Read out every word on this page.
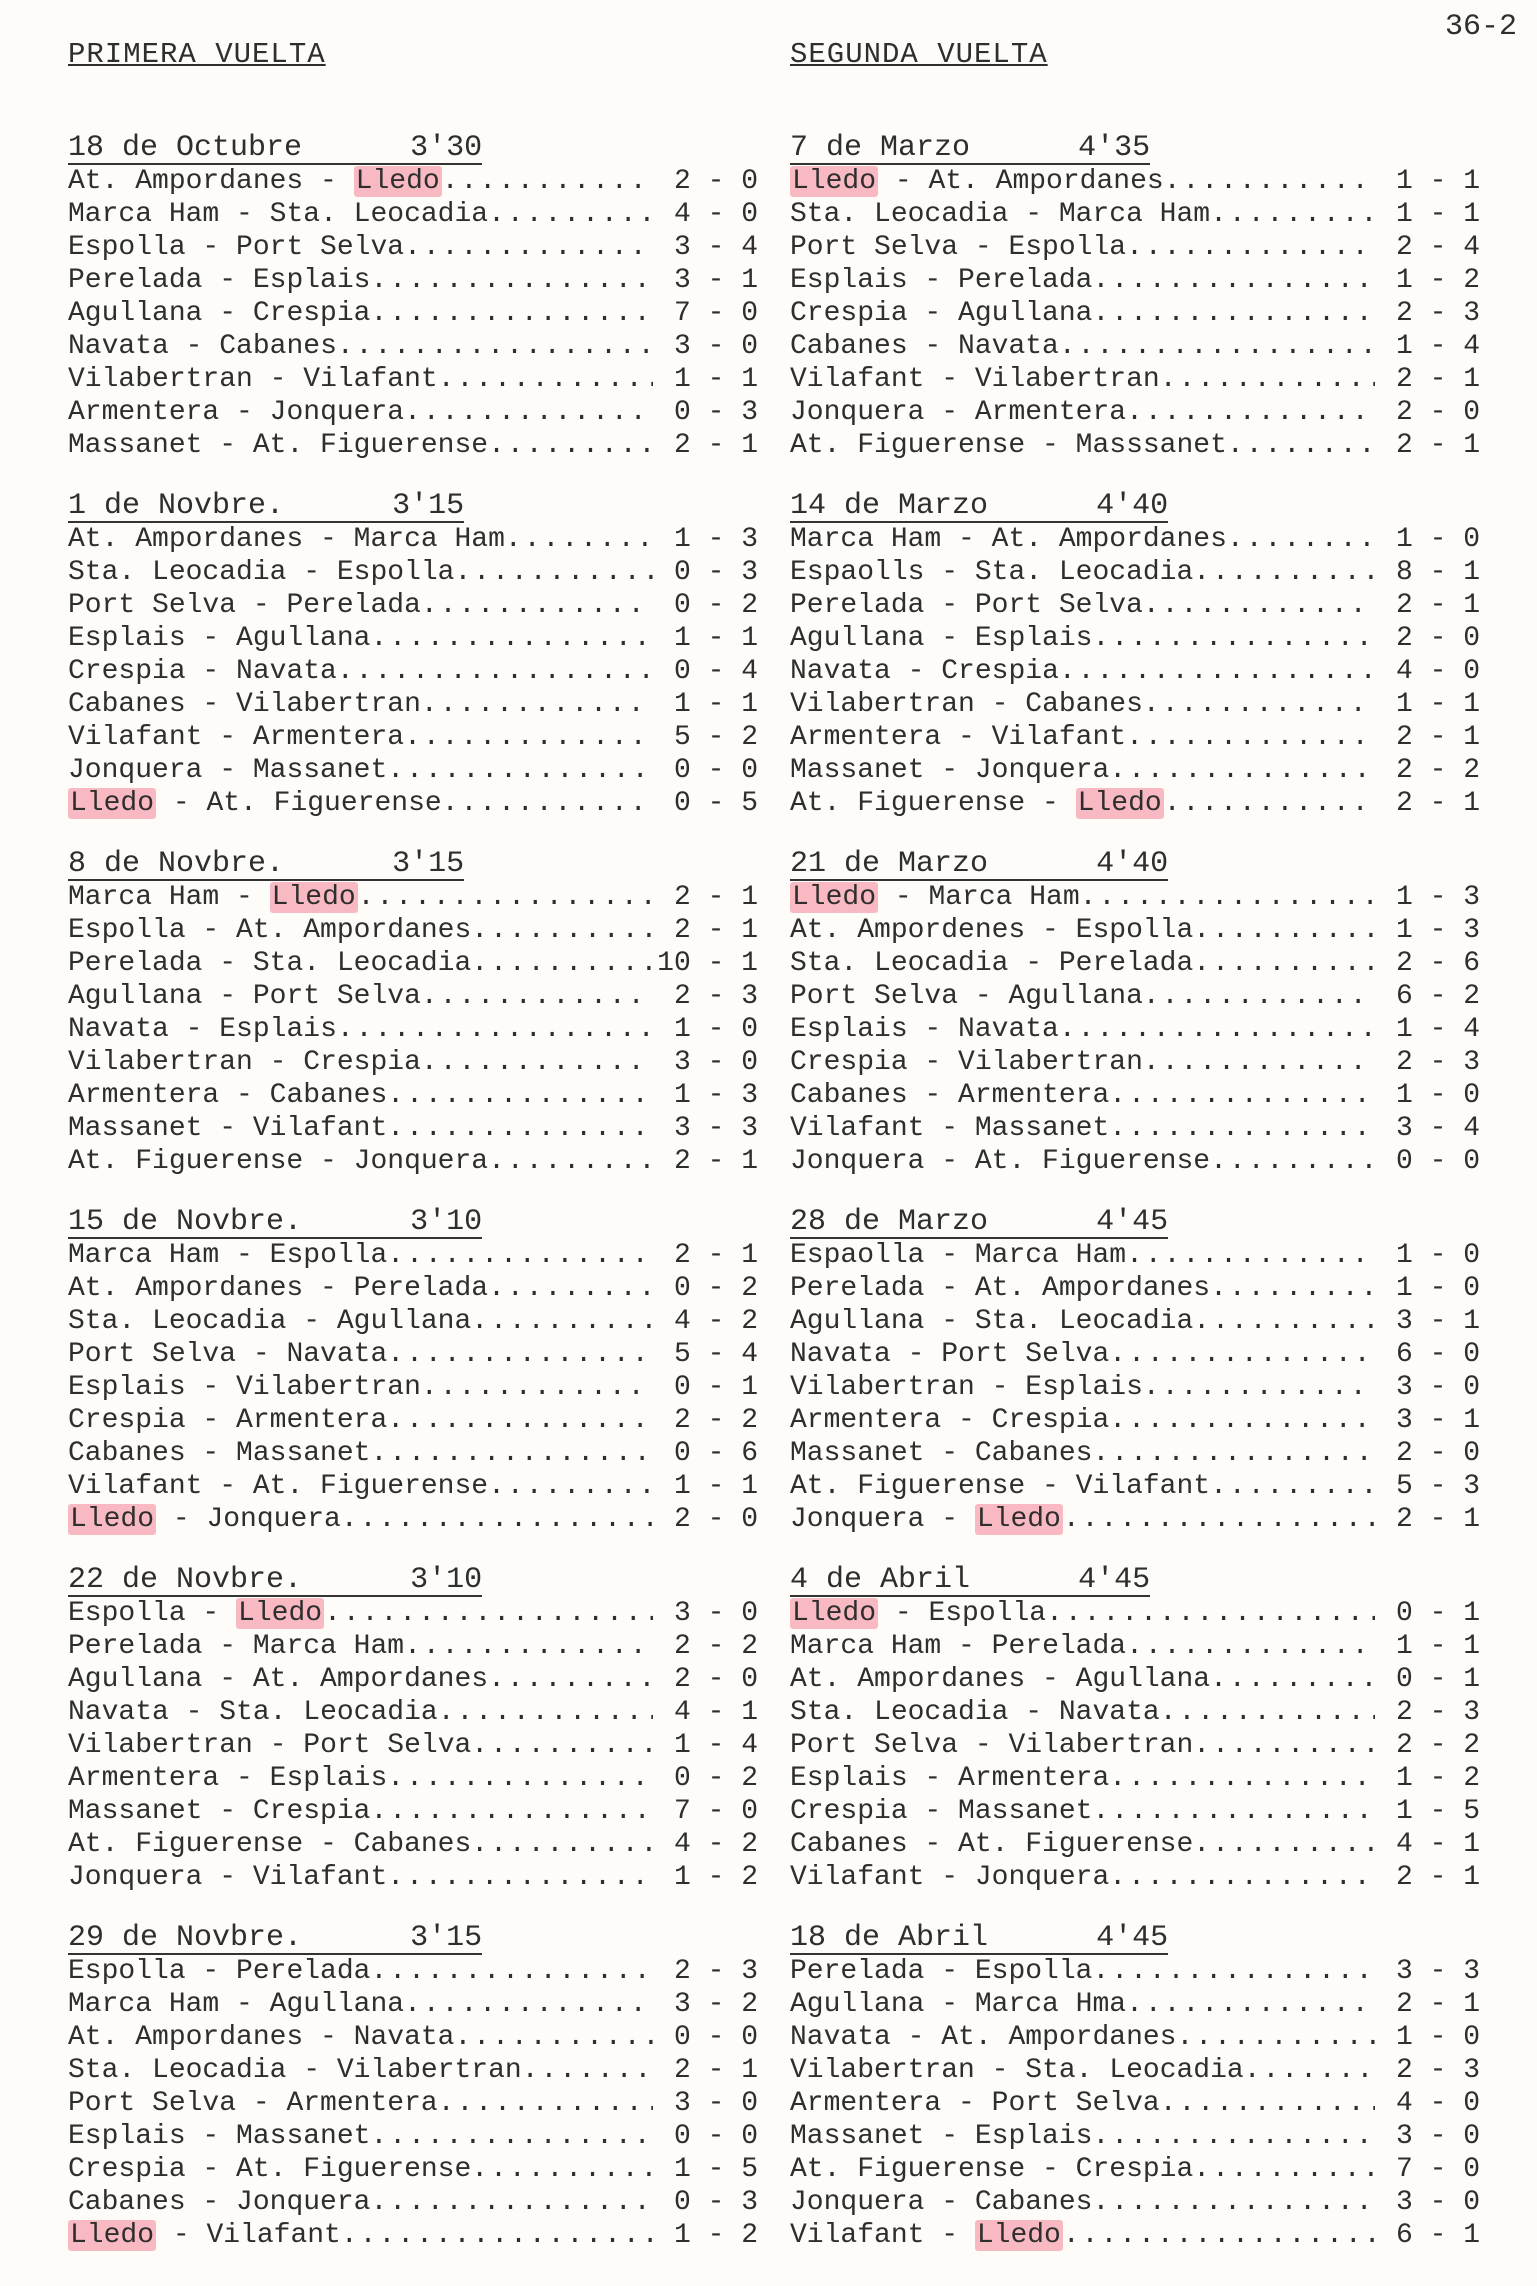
36-2
PRIMERA VUELTA
18 de Octubre	3'30
At. Ampordanes - Lledo .....	2 - 0
Marca Ham - Sta. Leocadia .....	4 - 0
Espolla - Port Selva .....	3 - 4
Perelada - Esplais .....	3 - 1
Agullana - Crespia .....	7 - 0
Navata - Cabanes .....	3 - 0
Vilabertran - Vilafant .....	1 - 1
Armentera - Jonquera .....	0 - 3
Massanet - At. Figuerense .....	2 - 1
1 de Novbre.	3'15
At. Ampordanes - Marca Ham .....	1 - 3
Sta. Leocadia - Espolla .....	0 - 3
Port Selva - Perelada .....	0 - 2
Esplais - Agullana .....	1 - 1
Crespia - Navata .....	0 - 4
Cabanes - Vilabertran .....	1 - 1
Vilafant - Armentera .....	5 - 2
Jonquera - Massanet .....	0 - 0
Lledo - At. Figuerense .....	0 - 5
8 de Novbre.	3'15
Marca Ham - Lledo .....	2 - 1
Espolla - At. Ampordanes .....	2 - 1
Perelada - Sta. Leocadia .....	10 - 1
Agullana - Port Selva .....	2 - 3
Navata - Esplais .....	1 - 0
Vilabertran - Crespia .....	3 - 0
Armentera - Cabanes .....	1 - 3
Massanet - Vilafant .....	3 - 3
At. Figuerense - Jonquera .....	2 - 1
15 de Novbre.	3'10
Marca Ham - Espolla .....	2 - 1
At. Ampordanes - Perelada .....	0 - 2
Sta. Leocadia - Agullana .....	4 - 2
Port Selva - Navata .....	5 - 4
Esplais - Vilabertran .....	0 - 1
Crespia - Armentera .....	2 - 2
Cabanes - Massanet .....	0 - 6
Vilafant - At. Figuerense .....	1 - 1
Lledo - Jonquera .....	2 - 0
22 de Novbre.	3'10
Espolla - Lledo .....	3 - 0
Perelada - Marca Ham .....	2 - 2
Agullana - At. Ampordanes .....	2 - 0
Navata - Sta. Leocadia .....	4 - 1
Vilabertran - Port Selva .....	1 - 4
Armentera - Esplais .....	0 - 2
Massanet - Crespia .....	7 - 0
At. Figuerense - Cabanes .....	4 - 2
Jonquera - Vilafant .....	1 - 2
29 de Novbre.	3'15
Espolla - Perelada .....	2 - 3
Marca Ham - Agullana .....	3 - 2
At. Ampordanes - Navata .....	0 - 0
Sta. Leocadia - Vilabertran .....	2 - 1
Port Selva - Armentera .....	3 - 0
Esplais - Massanet .....	0 - 0
Crespia - At. Figuerense .....	1 - 5
Cabanes - Jonquera .....	0 - 3
Lledo - Vilafant .....	1 - 2
SEGUNDA VUELTA
7 de Marzo	4'35
Lledo - At. Ampordanes .....	1 - 1
Sta. Leocadia - Marca Ham .....	1 - 1
Port Selva - Espolla .....	2 - 4
Esplais - Perelada .....	1 - 2
Crespia - Agullana .....	2 - 3
Cabanes - Navata .....	1 - 4
Vilafant - Vilabertran .....	2 - 1
Jonquera - Armentera .....	2 - 0
At. Figuerense - Masssanet .....	2 - 1
14 de Marzo	4'40
Marca Ham - At. Ampordanes .....	1 - 0
Espaolls - Sta. Leocadia .....	8 - 1
Perelada - Port Selva .....	2 - 1
Agullana - Esplais .....	2 - 0
Navata - Crespia .....	4 - 0
Vilabertran - Cabanes .....	1 - 1
Armentera - Vilafant .....	2 - 1
Massanet - Jonquera .....	2 - 2
At. Figuerense - Lledo .....	2 - 1
21 de Marzo	4'40
Lledo - Marca Ham .....	1 - 3
At. Ampordenes - Espolla .....	1 - 3
Sta. Leocadia - Perelada .....	2 - 6
Port Selva - Agullana .....	6 - 2
Esplais - Navata .....	1 - 4
Crespia - Vilabertran .....	2 - 3
Cabanes - Armentera .....	1 - 0
Vilafant - Massanet .....	3 - 4
Jonquera - At. Figuerense .....	0 - 0
28 de Marzo	4'45
Espaolla - Marca Ham .....	1 - 0
Perelada - At. Ampordanes .....	1 - 0
Agullana - Sta. Leocadia .....	3 - 1
Navata - Port Selva .....	6 - 0
Vilabertran - Esplais .....	3 - 0
Armentera - Crespia .....	3 - 1
Massanet - Cabanes .....	2 - 0
At. Figuerense - Vilafant .....	5 - 3
Jonquera - Lledo .....	2 - 1
4 de Abril	4'45
Lledo - Espolla .....	0 - 1
Marca Ham - Perelada .....	1 - 1
At. Ampordanes - Agullana .....	0 - 1
Sta. Leocadia - Navata .....	2 - 3
Port Selva - Vilabertran .....	2 - 2
Esplais - Armentera .....	1 - 2
Crespia - Massanet .....	1 - 5
Cabanes - At. Figuerense .....	4 - 1
Vilafant - Jonquera .....	2 - 1
18 de Abril	4'45
Perelada - Espolla .....	3 - 3
Agullana - Marca Hma .....	2 - 1
Navata - At. Ampordanes .....	1 - 0
Vilabertran - Sta. Leocadia .....	2 - 3
Armentera - Port Selva .....	4 - 0
Massanet - Esplais .....	3 - 0
At. Figuerense - Crespia .....	7 - 0
Jonquera - Cabanes .....	3 - 0
Vilafant - Lledo .....	6 - 1
